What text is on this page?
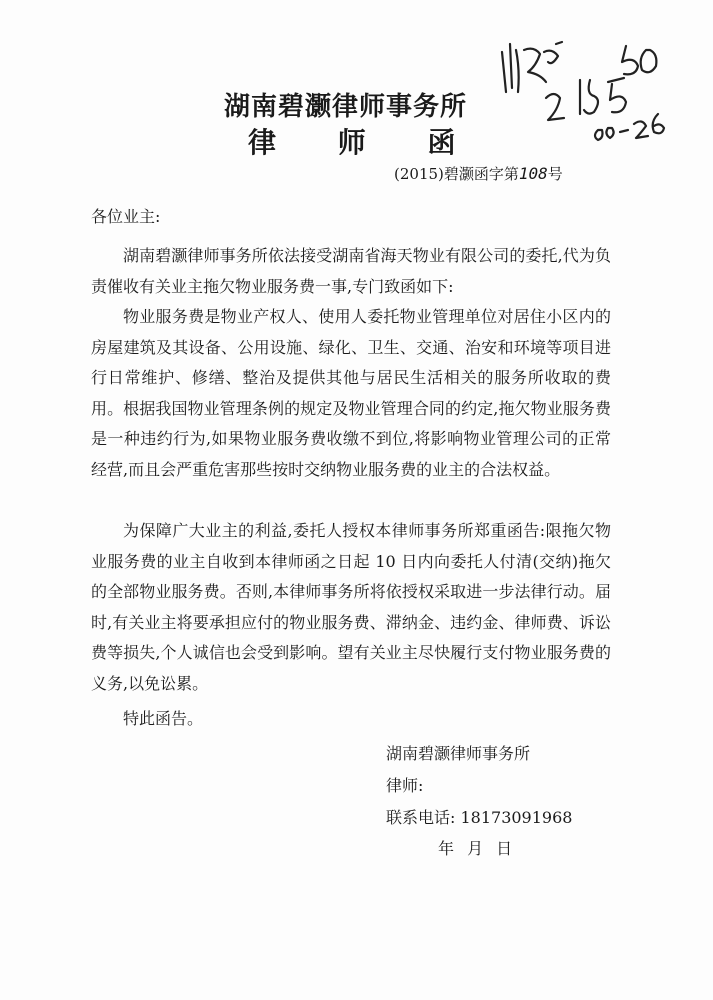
湖南碧灏律师事务所
律 师 函
(2015)碧灏函字第108号
各位业主:

湖南碧灏律师事务所依法接受湖南省海天物业有限公司的委托,代为负责催收有关业主拖欠物业服务费一事,专门致函如下:

物业服务费是物业产权人、使用人委托物业管理单位对居住小区内的房屋建筑及其设备、公用设施、绿化、卫生、交通、治安和环境等项目进行日常维护、修缮、整治及提供其他与居民生活相关的服务所收取的费用。根据我国物业管理条例的规定及物业管理合同的约定,拖欠物业服务费是一种违约行为,如果物业服务费收缴不到位,将影响物业管理公司的正常经营,而且会严重危害那些按时交纳物业服务费的业主的合法权益。

为保障广大业主的利益,委托人授权本律师事务所郑重函告:限拖欠物业服务费的业主自收到本律师函之日起 10 日内向委托人付清(交纳)拖欠的全部物业服务费。否则,本律师事务所将依授权采取进一步法律行动。届时,有关业主将要承担应付的物业服务费、滞纳金、违约金、律师费、诉讼费等损失,个人诚信也会受到影响。望有关业主尽快履行支付物业服务费的义务,以免讼累。

特此函告。

湖南碧灏律师事务所
律师:
联系电话: 18173091968
年 月 日
